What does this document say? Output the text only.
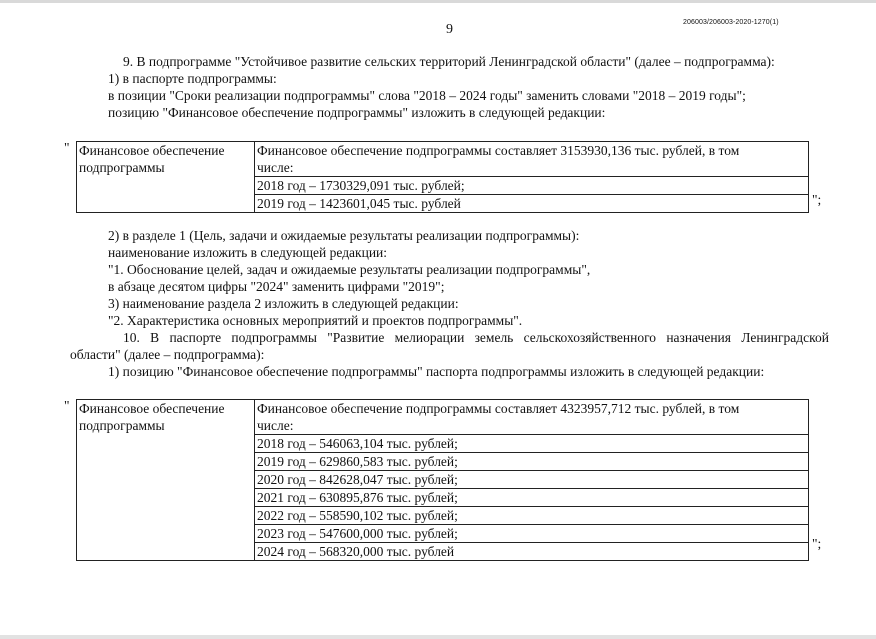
9	206003/206003-2020-1270(1)
9. В подпрограмме "Устойчивое развитие сельских территорий Ленинградской области" (далее – подпрограмма):
1) в паспорте подпрограммы:
в позиции "Сроки реализации подпрограммы" слова "2018 – 2024 годы" заменить словами "2018 – 2019 годы";
позицию "Финансовое обеспечение подпрограммы" изложить в следующей редакции:
" Финансовое обеспечение
подпрограммы

Финансовое обеспечение подпрограммы составляет 3153930,136 тыс. рублей, в том
числе:
2018 год – 1730329,091 тыс. рублей;
2019 год – 1423601,045 тыс. рублей	";
2) в разделе 1 (Цель, задачи и ожидаемые результаты реализации подпрограммы):
наименование изложить в следующей редакции:
"1. Обоснование целей, задач и ожидаемые результаты реализации подпрограммы",
в абзаце десятом цифры "2024" заменить цифрами "2019";
3) наименование раздела 2 изложить в следующей редакции:
"2. Характеристика основных мероприятий и проектов подпрограммы".
10. В паспорте подпрограммы "Развитие мелиорации земель сельскохозяйственного назначения Ленинградской
области" (далее – подпрограмма):
1) позицию "Финансовое обеспечение подпрограммы" паспорта подпрограммы изложить в следующей редакции:
" Финансовое обеспечение
подпрограммы

Финансовое обеспечение подпрограммы составляет 4323957,712 тыс. рублей, в том
числе:
2018 год – 546063,104 тыс. рублей;
2019 год – 629860,583 тыс. рублей;
2020 год – 842628,047 тыс. рублей;
2021 год – 630895,876 тыс. рублей;
2022 год – 558590,102 тыс. рублей;
2023 год – 547600,000 тыс. рублей;
2024 год – 568320,000 тыс. рублей
";
